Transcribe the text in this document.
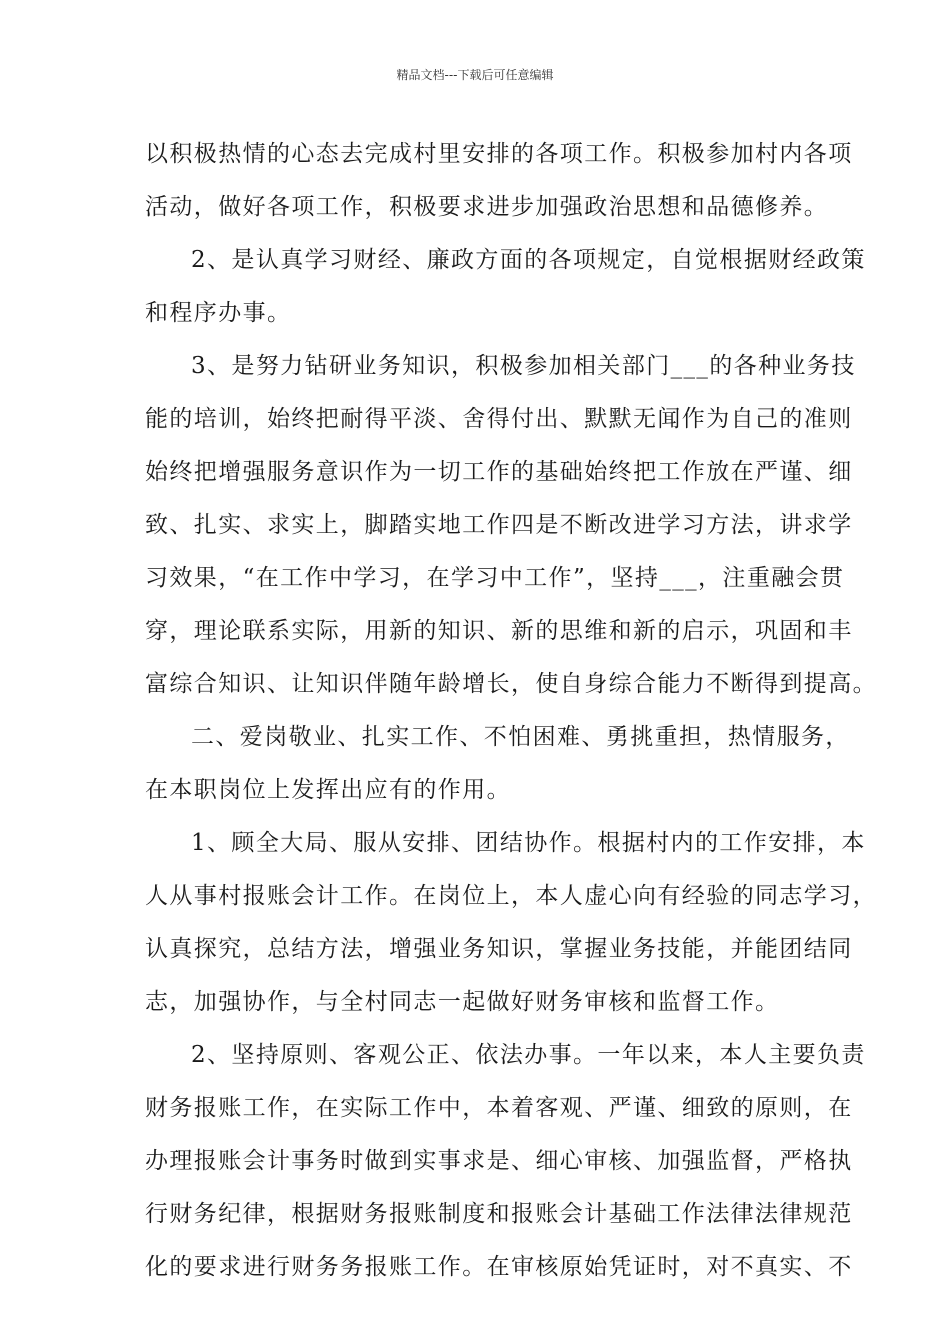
精品文档---下载后可任意编辑
以积极热情的心态去完成村里安排的各项工作。积极参加村内各项
活动，做好各项工作，积极要求进步加强政治思想和品德修养。
2、是认真学习财经、廉政方面的各项规定，自觉根据财经政策
和程序办事。
3、是努力钻研业务知识，积极参加相关部门___的各种业务技
能的培训，始终把耐得平淡、舍得付出、默默无闻作为自己的准则
始终把增强服务意识作为一切工作的基础始终把工作放在严谨、细
致、扎实、求实上，脚踏实地工作四是不断改进学习方法，讲求学
习效果，“在工作中学习，在学习中工作”，坚持___，注重融会贯
穿，理论联系实际，用新的知识、新的思维和新的启示，巩固和丰
富综合知识、让知识伴随年龄增长，使自身综合能力不断得到提高。
二、爱岗敬业、扎实工作、不怕困难、勇挑重担，热情服务，
在本职岗位上发挥出应有的作用。
1、顾全大局、服从安排、团结协作。根据村内的工作安排，本
人从事村报账会计工作。在岗位上，本人虚心向有经验的同志学习，
认真探究，总结方法，增强业务知识，掌握业务技能，并能团结同
志，加强协作，与全村同志一起做好财务审核和监督工作。
2、坚持原则、客观公正、依法办事。一年以来，本人主要负责
财务报账工作，在实际工作中，本着客观、严谨、细致的原则，在
办理报账会计事务时做到实事求是、细心审核、加强监督，严格执
行财务纪律，根据财务报账制度和报账会计基础工作法律法律规范
化的要求进行财务务报账工作。在审核原始凭证时，对不真实、不
